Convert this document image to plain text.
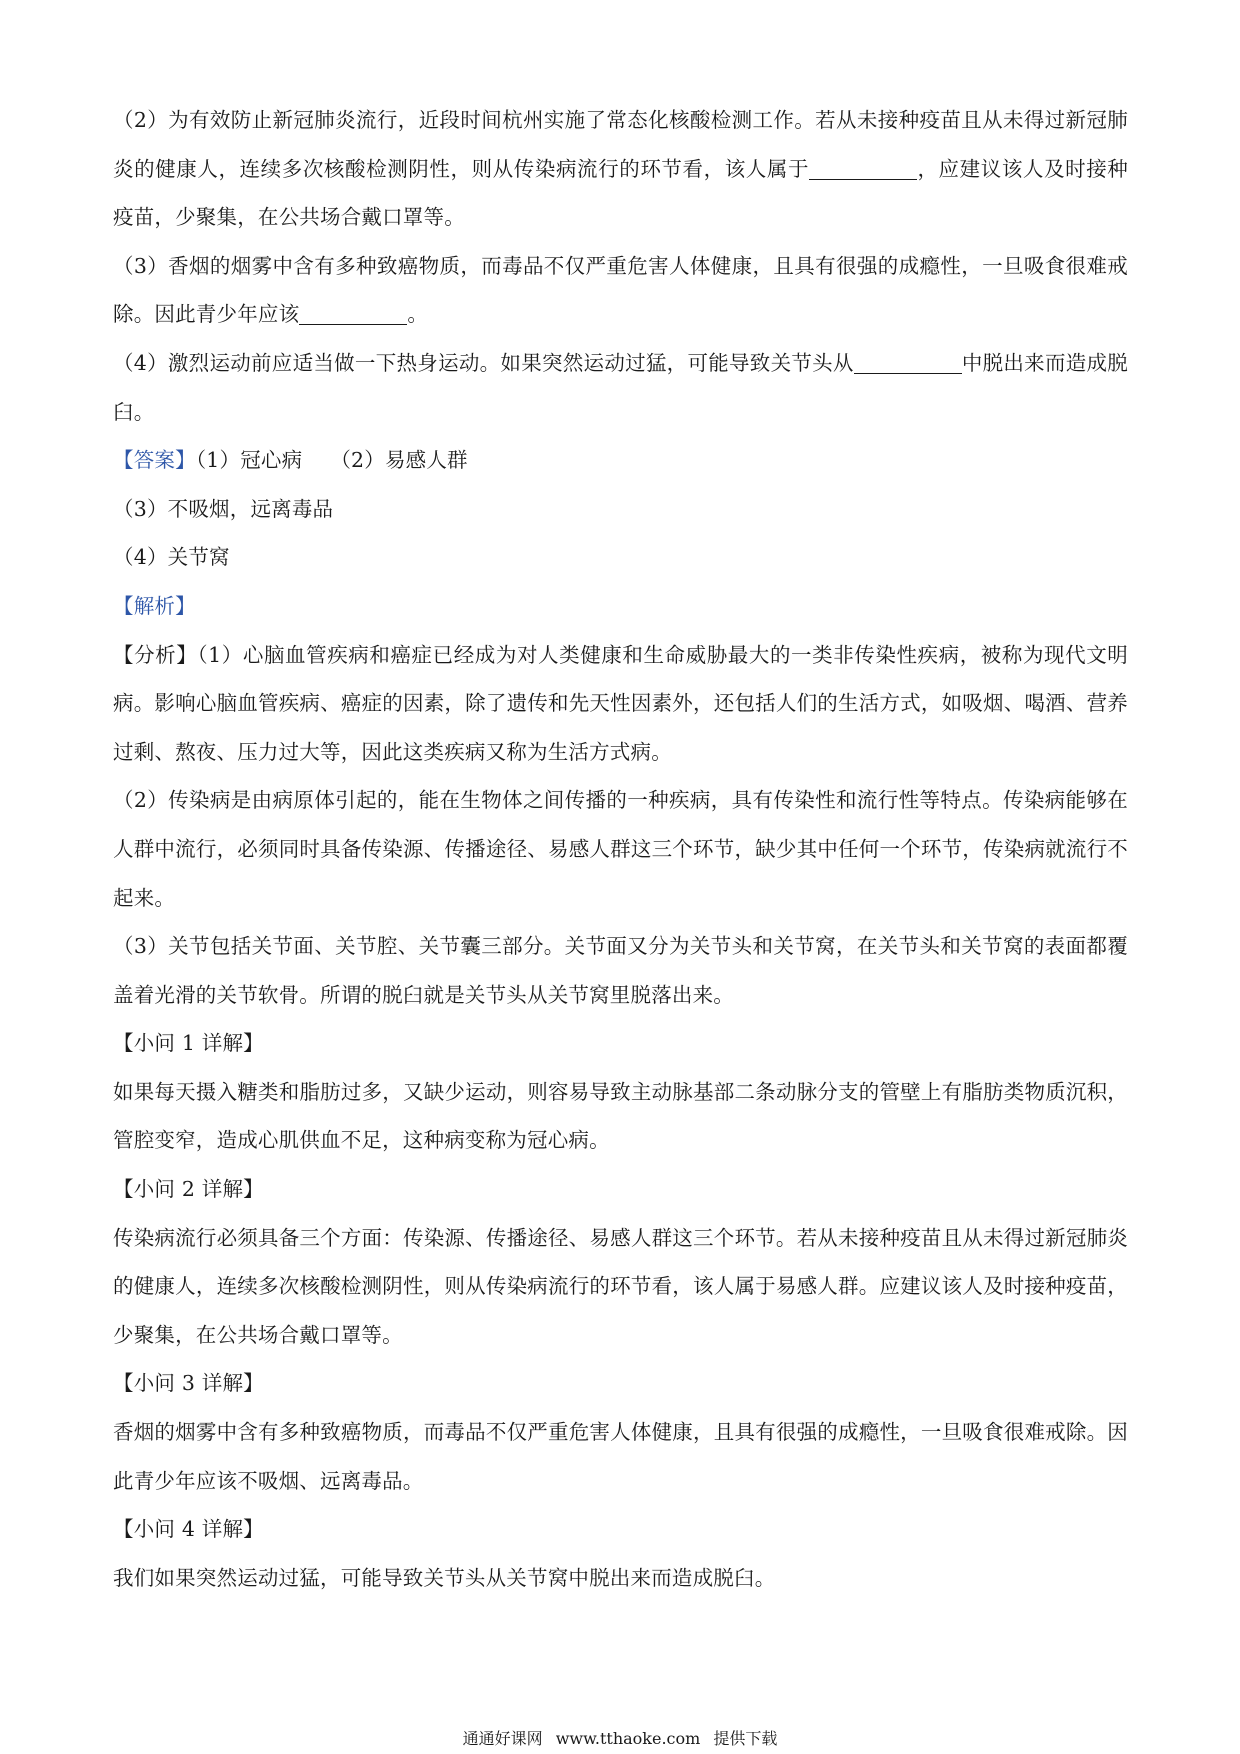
（2）为有效防止新冠肺炎流行，近段时间杭州实施了常态化核酸检测工作。若从未接种疫苗且从未得过新冠肺炎的健康人，连续多次核酸检测阴性，则从传染病流行的环节看，该人属于	，应建议该人及时接种疫苗，少聚集，在公共场合戴口罩等。

（3）香烟的烟雾中含有多种致癌物质，而毒品不仅严重危害人体健康，且具有很强的成瘾性，一旦吸食很难戒除。因此青少年应该	。

（4）激烈运动前应适当做一下热身运动。如果突然运动过猛，可能导致关节头从	中脱出来而造成脱臼。

【答案】（1）冠心病 （2）易感人群

（3）不吸烟，远离毒品

（4）关节窝

【解析】

【分析】（1）心脑血管疾病和癌症已经成为对人类健康和生命威胁最大的一类非传染性疾病，被称为现代文明病。影响心脑血管疾病、癌症的因素，除了遗传和先天性因素外，还包括人们的生活方式，如吸烟、喝酒、营养过剩、熬夜、压力过大等，因此这类疾病又称为生活方式病。

（2）传染病是由病原体引起的，能在生物体之间传播的一种疾病，具有传染性和流行性等特点。传染病能够在人群中流行，必须同时具备传染源、传播途径、易感人群这三个环节，缺少其中任何一个环节，传染病就流行不起来。

（3）关节包括关节面、关节腔、关节囊三部分。关节面又分为关节头和关节窝，在关节头和关节窝的表面都覆盖着光滑的关节软骨。所谓的脱臼就是关节头从关节窝里脱落出来。

【小问 1 详解】

如果每天摄入糖类和脂肪过多，又缺少运动，则容易导致主动脉基部二条动脉分支的管壁上有脂肪类物质沉积，管腔变窄，造成心肌供血不足，这种病变称为冠心病。

【小问 2 详解】

传染病流行必须具备三个方面：传染源、传播途径、易感人群这三个环节。若从未接种疫苗且从未得过新冠肺炎的健康人，连续多次核酸检测阴性，则从传染病流行的环节看，该人属于易感人群。应建议该人及时接种疫苗，少聚集，在公共场合戴口罩等。

【小问 3 详解】

香烟的烟雾中含有多种致癌物质，而毒品不仅严重危害人体健康，且具有很强的成瘾性，一旦吸食很难戒除。因此青少年应该不吸烟、远离毒品。

【小问 4 详解】

我们如果突然运动过猛，可能导致关节头从关节窝中脱出来而造成脱臼。

通通好课网 www.tthaoke.com 提供下载
